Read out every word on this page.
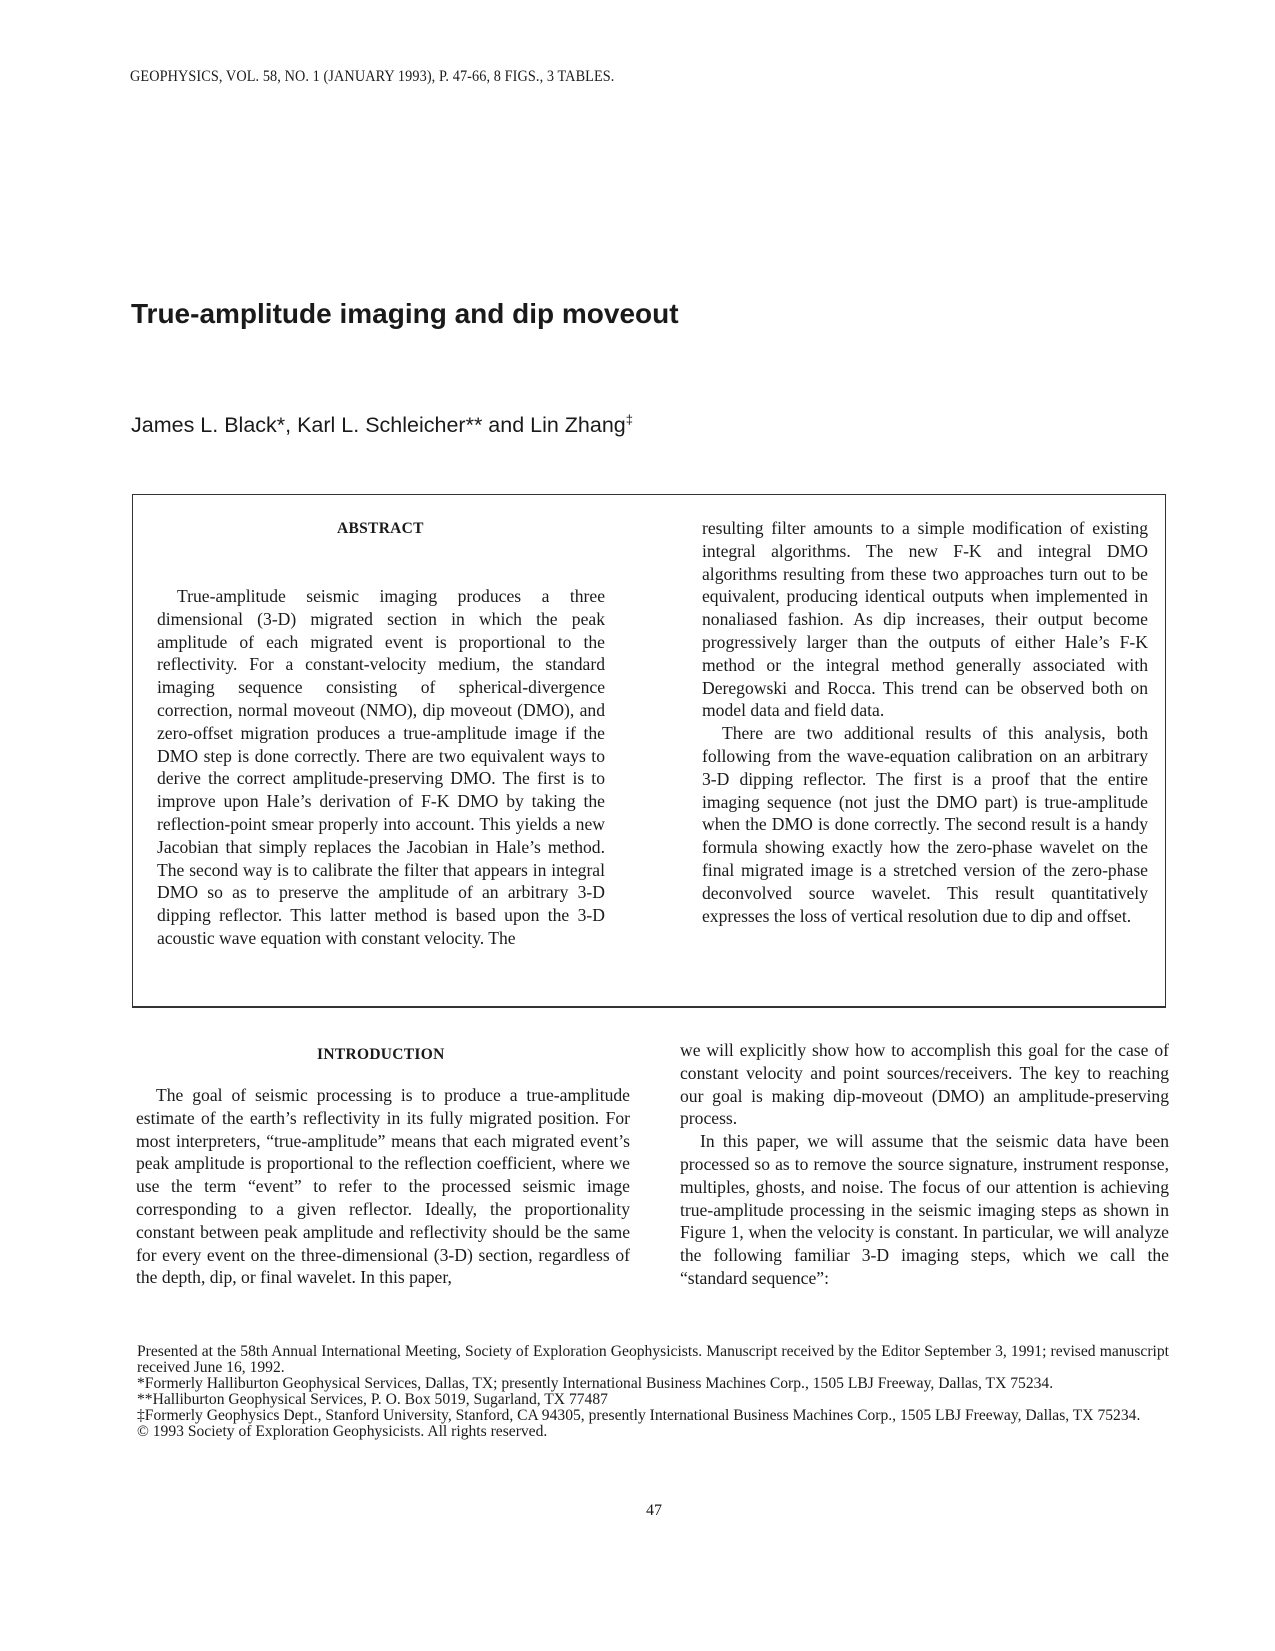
GEOPHYSICS, VOL. 58, NO. 1 (JANUARY 1993), P. 47-66, 8 FIGS., 3 TABLES.
True-amplitude imaging and dip moveout
James L. Black*, Karl L. Schleicher** and Lin Zhang‡
ABSTRACT

True-amplitude seismic imaging produces a three dimensional (3-D) migrated section in which the peak amplitude of each migrated event is proportional to the reflectivity. For a constant-velocity medium, the standard imaging sequence consisting of spherical-divergence correction, normal moveout (NMO), dip moveout (DMO), and zero-offset migration produces a true-amplitude image if the DMO step is done correctly. There are two equivalent ways to derive the correct amplitude-preserving DMO. The first is to improve upon Hale’s derivation of F-K DMO by taking the reflection-point smear properly into account. This yields a new Jacobian that simply replaces the Jacobian in Hale’s method. The second way is to calibrate the filter that appears in integral DMO so as to preserve the amplitude of an arbitrary 3-D dipping reflector. This latter method is based upon the 3-D acoustic wave equation with constant velocity. The

resulting filter amounts to a simple modification of existing integral algorithms. The new F-K and integral DMO algorithms resulting from these two approaches turn out to be equivalent, producing identical outputs when implemented in nonaliased fashion. As dip increases, their output become progressively larger than the outputs of either Hale’s F-K method or the integral method generally associated with Deregowski and Rocca. This trend can be observed both on model data and field data.

There are two additional results of this analysis, both following from the wave-equation calibration on an arbitrary 3-D dipping reflector. The first is a proof that the entire imaging sequence (not just the DMO part) is true-amplitude when the DMO is done correctly. The second result is a handy formula showing exactly how the zero-phase wavelet on the final migrated image is a stretched version of the zero-phase deconvolved source wavelet. This result quantitatively expresses the loss of vertical resolution due to dip and offset.

INTRODUCTION

The goal of seismic processing is to produce a true-amplitude estimate of the earth’s reflectivity in its fully migrated position. For most interpreters, “true-amplitude” means that each migrated event’s peak amplitude is proportional to the reflection coefficient, where we use the term “event” to refer to the processed seismic image corresponding to a given reflector. Ideally, the proportionality constant between peak amplitude and reflectivity should be the same for every event on the three-dimensional (3-D) section, regardless of the depth, dip, or final wavelet. In this paper,

we will explicitly show how to accomplish this goal for the case of constant velocity and point sources/receivers. The key to reaching our goal is making dip-moveout (DMO) an amplitude-preserving process.

In this paper, we will assume that the seismic data have been processed so as to remove the source signature, instrument response, multiples, ghosts, and noise. The focus of our attention is achieving true-amplitude processing in the seismic imaging steps as shown in Figure 1, when the velocity is constant. In particular, we will analyze the following familiar 3-D imaging steps, which we call the “standard sequence”:

Presented at the 58th Annual International Meeting, Society of Exploration Geophysicists. Manuscript received by the Editor September 3, 1991; revised manuscript received June 16, 1992.
*Formerly Halliburton Geophysical Services, Dallas, TX; presently International Business Machines Corp., 1505 LBJ Freeway, Dallas, TX 75234.
**Halliburton Geophysical Services, P. O. Box 5019, Sugarland, TX 77487
‡Formerly Geophysics Dept., Stanford University, Stanford, CA 94305, presently International Business Machines Corp., 1505 LBJ Freeway, Dallas, TX 75234.
© 1993 Society of Exploration Geophysicists. All rights reserved.
47
